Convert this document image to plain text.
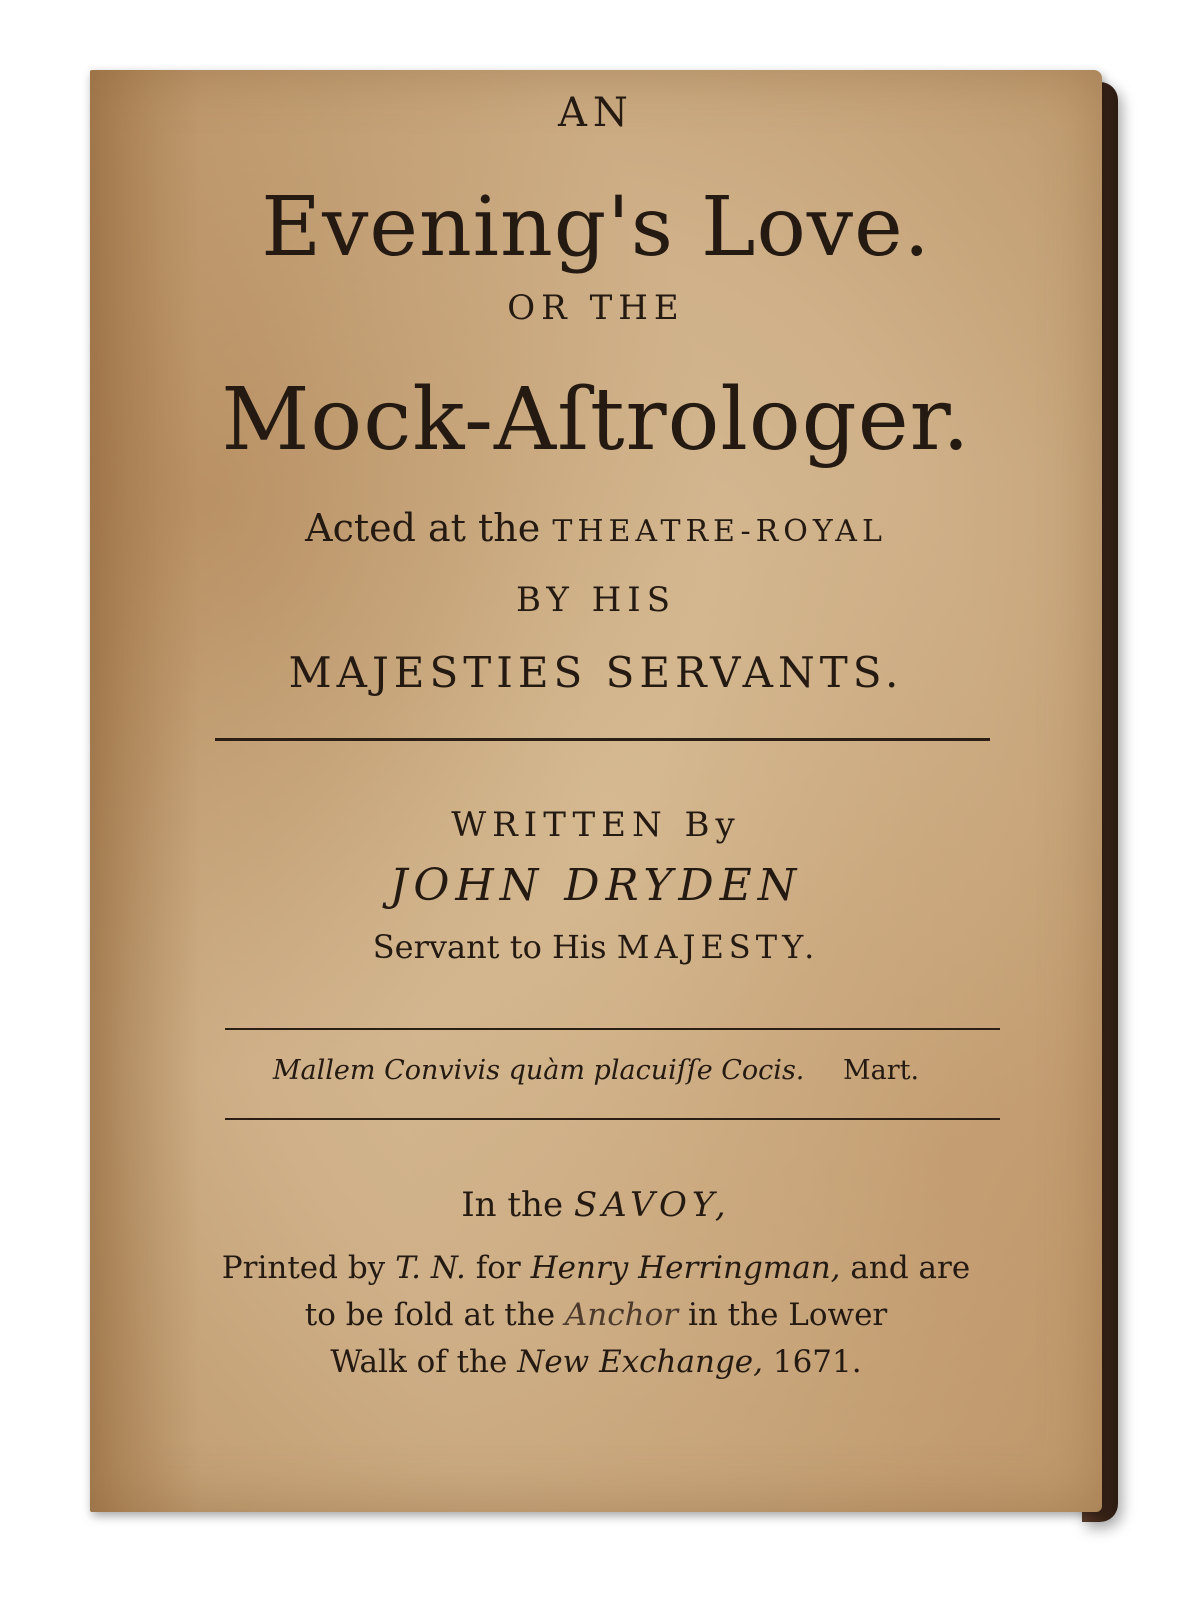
AN
Evening's Love.
OR THE
Mock-Aſtrologer.
Acted at the THEATRE-ROYAL
BY HIS
MAJESTIES SERVANTS.
WRITTEN By
JOHN DRYDEN
Servant to His MAJESTY.
Mallem Convivis quàm placuiſſe Cocis. Mart.
In the SAVOY,
Printed by T. N. for Henry Herringman, and are
to be ſold at the Anchor in the Lower
Walk of the New Exchange, 1671.
